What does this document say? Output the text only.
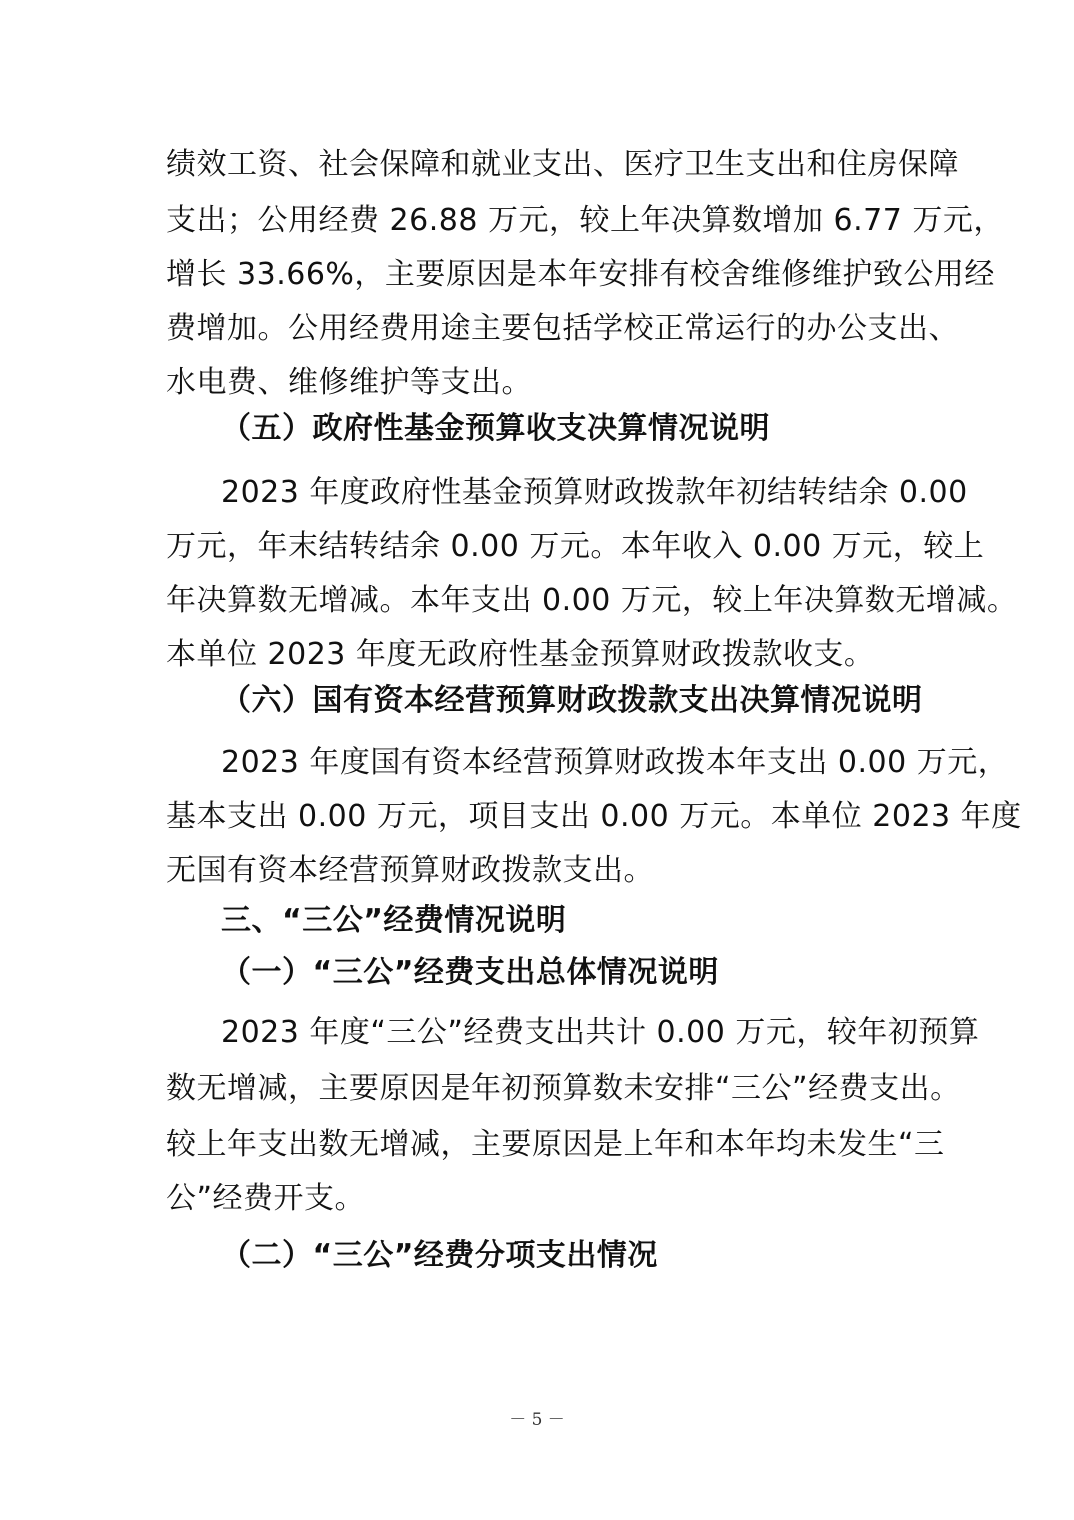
绩效工资、社会保障和就业支出、医疗卫生支出和住房保障
支出；公用经费 26.88 万元，较上年决算数增加 6.77 万元，
增长 33.66%，主要原因是本年安排有校舍维修维护致公用经
费增加。公用经费用途主要包括学校正常运行的办公支出、
水电费、维修维护等支出。
（五）政府性基金预算收支决算情况说明
2023 年度政府性基金预算财政拨款年初结转结余 0.00
万元，年末结转结余 0.00 万元。本年收入 0.00 万元，较上
年决算数无增减。本年支出 0.00 万元，较上年决算数无增减。
本单位 2023 年度无政府性基金预算财政拨款收支。
（六）国有资本经营预算财政拨款支出决算情况说明
2023 年度国有资本经营预算财政拨本年支出 0.00 万元，
基本支出 0.00 万元，项目支出 0.00 万元。本单位 2023 年度
无国有资本经营预算财政拨款支出。
三、“三公”经费情况说明
（一）“三公”经费支出总体情况说明
2023 年度“三公”经费支出共计 0.00 万元，较年初预算
数无增减，主要原因是年初预算数未安排“三公”经费支出。
较上年支出数无增减，主要原因是上年和本年均未发生“三
公”经费开支。
（二）“三公”经费分项支出情况
－ 5 －
